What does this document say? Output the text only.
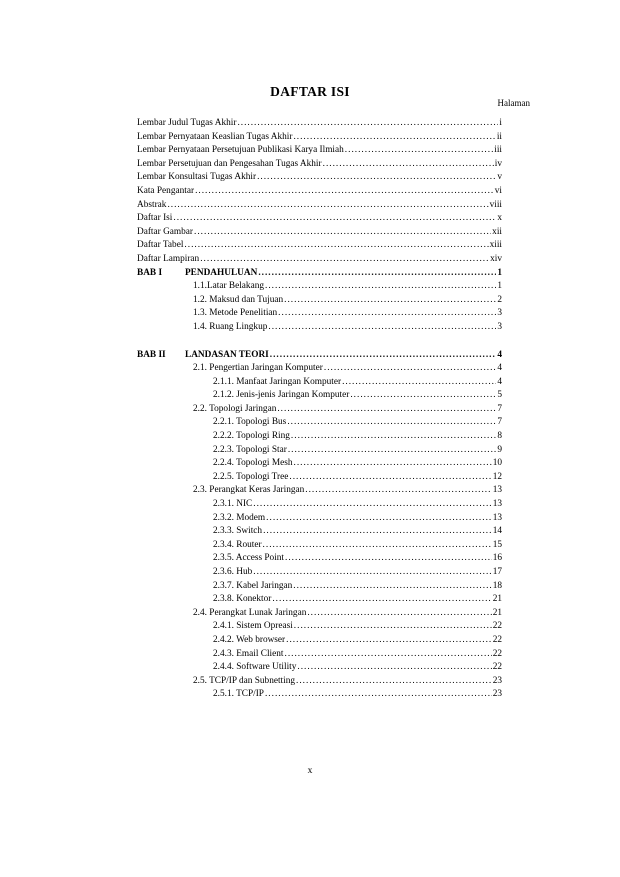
DAFTAR ISI
Halaman
Lembar Judul Tugas Akhir .....	i
Lembar Pernyataan Keaslian Tugas Akhir .....	ii
Lembar Pernyataan Persetujuan Publikasi Karya Ilmiah .....	iii
Lembar Persetujuan dan Pengesahan Tugas Akhir .....	iv
Lembar Konsultasi Tugas Akhir .....	v
Kata Pengantar .....	vi
Abstrak .....	viii
Daftar Isi .....	x
Daftar Gambar .....	xii
Daftar Tabel .....	xiii
Daftar Lampiran .....	xiv
BAB I	PENDAHULUAN .....	1
1.1.Latar Belakang .....	1
1.2. Maksud dan Tujuan .....	2
1.3. Metode Penelitian .....	3
1.4. Ruang Lingkup .....	3
BAB II	LANDASAN TEORI .....	4
2.1. Pengertian Jaringan Komputer .....	4
2.1.1. Manfaat Jaringan Komputer .....	4
2.1.2. Jenis-jenis Jaringan Komputer .....	5
2.2. Topologi Jaringan .....	7
2.2.1. Topologi Bus .....	7
2.2.2. Topologi Ring .....	8
2.2.3. Topologi Star .....	9
2.2.4. Topologi Mesh .....	10
2.2.5. Topologi Tree .....	12
2.3. Perangkat Keras Jaringan .....	13
2.3.1. NIC .....	13
2.3.2. Modem .....	13
2.3.3. Switch .....	14
2.3.4. Router .....	15
2.3.5. Access Point .....	16
2.3.6. Hub .....	17
2.3.7. Kabel Jaringan .....	18
2.3.8. Konektor .....	21
2.4. Perangkat Lunak Jaringan .....	21
2.4.1. Sistem Opreasi .....	22
2.4.2. Web browser .....	22
2.4.3. Email Client .....	22
2.4.4. Software Utility .....	22
2.5. TCP/IP dan Subnetting .....	23
2.5.1. TCP/IP .....	23
x
